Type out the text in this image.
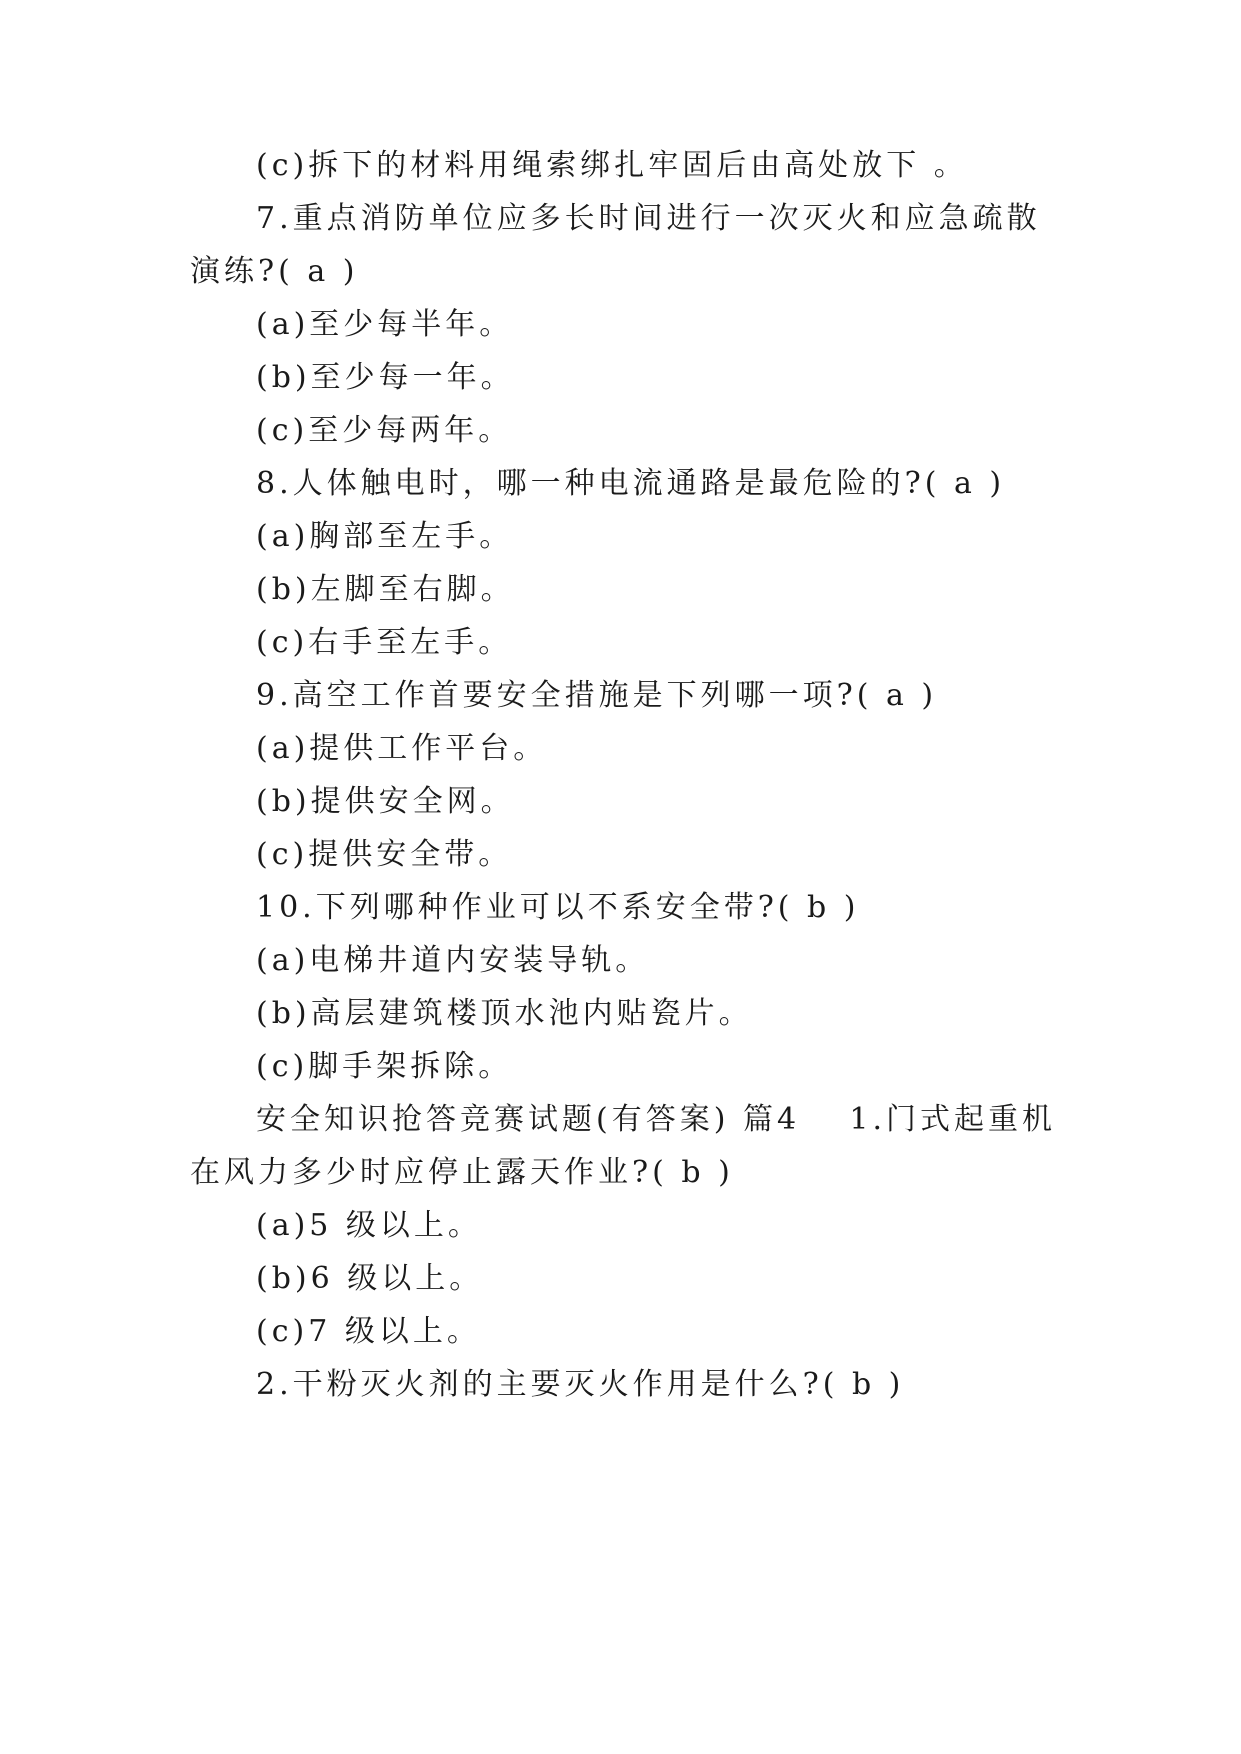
(c)拆下的材料用绳索绑扎牢固后由高处放下 。
7.重点消防单位应多长时间进行一次灭火和应急疏散
演练?( a )
(a)至少每半年。
(b)至少每一年。
(c)至少每两年。
8.人体触电时，哪一种电流通路是最危险的?( a )
(a)胸部至左手。
(b)左脚至右脚。
(c)右手至左手。
9.高空工作首要安全措施是下列哪一项?( a )
(a)提供工作平台。
(b)提供安全网。
(c)提供安全带。
10.下列哪种作业可以不系安全带?( b )
(a)电梯井道内安装导轨。
(b)高层建筑楼顶水池内贴瓷片。
(c)脚手架拆除。
安全知识抢答竞赛试题(有答案) 篇4 1.门式起重机
在风力多少时应停止露天作业?( b )
(a)5 级以上。
(b)6 级以上。
(c)7 级以上。
2.干粉灭火剂的主要灭火作用是什么?( b )
